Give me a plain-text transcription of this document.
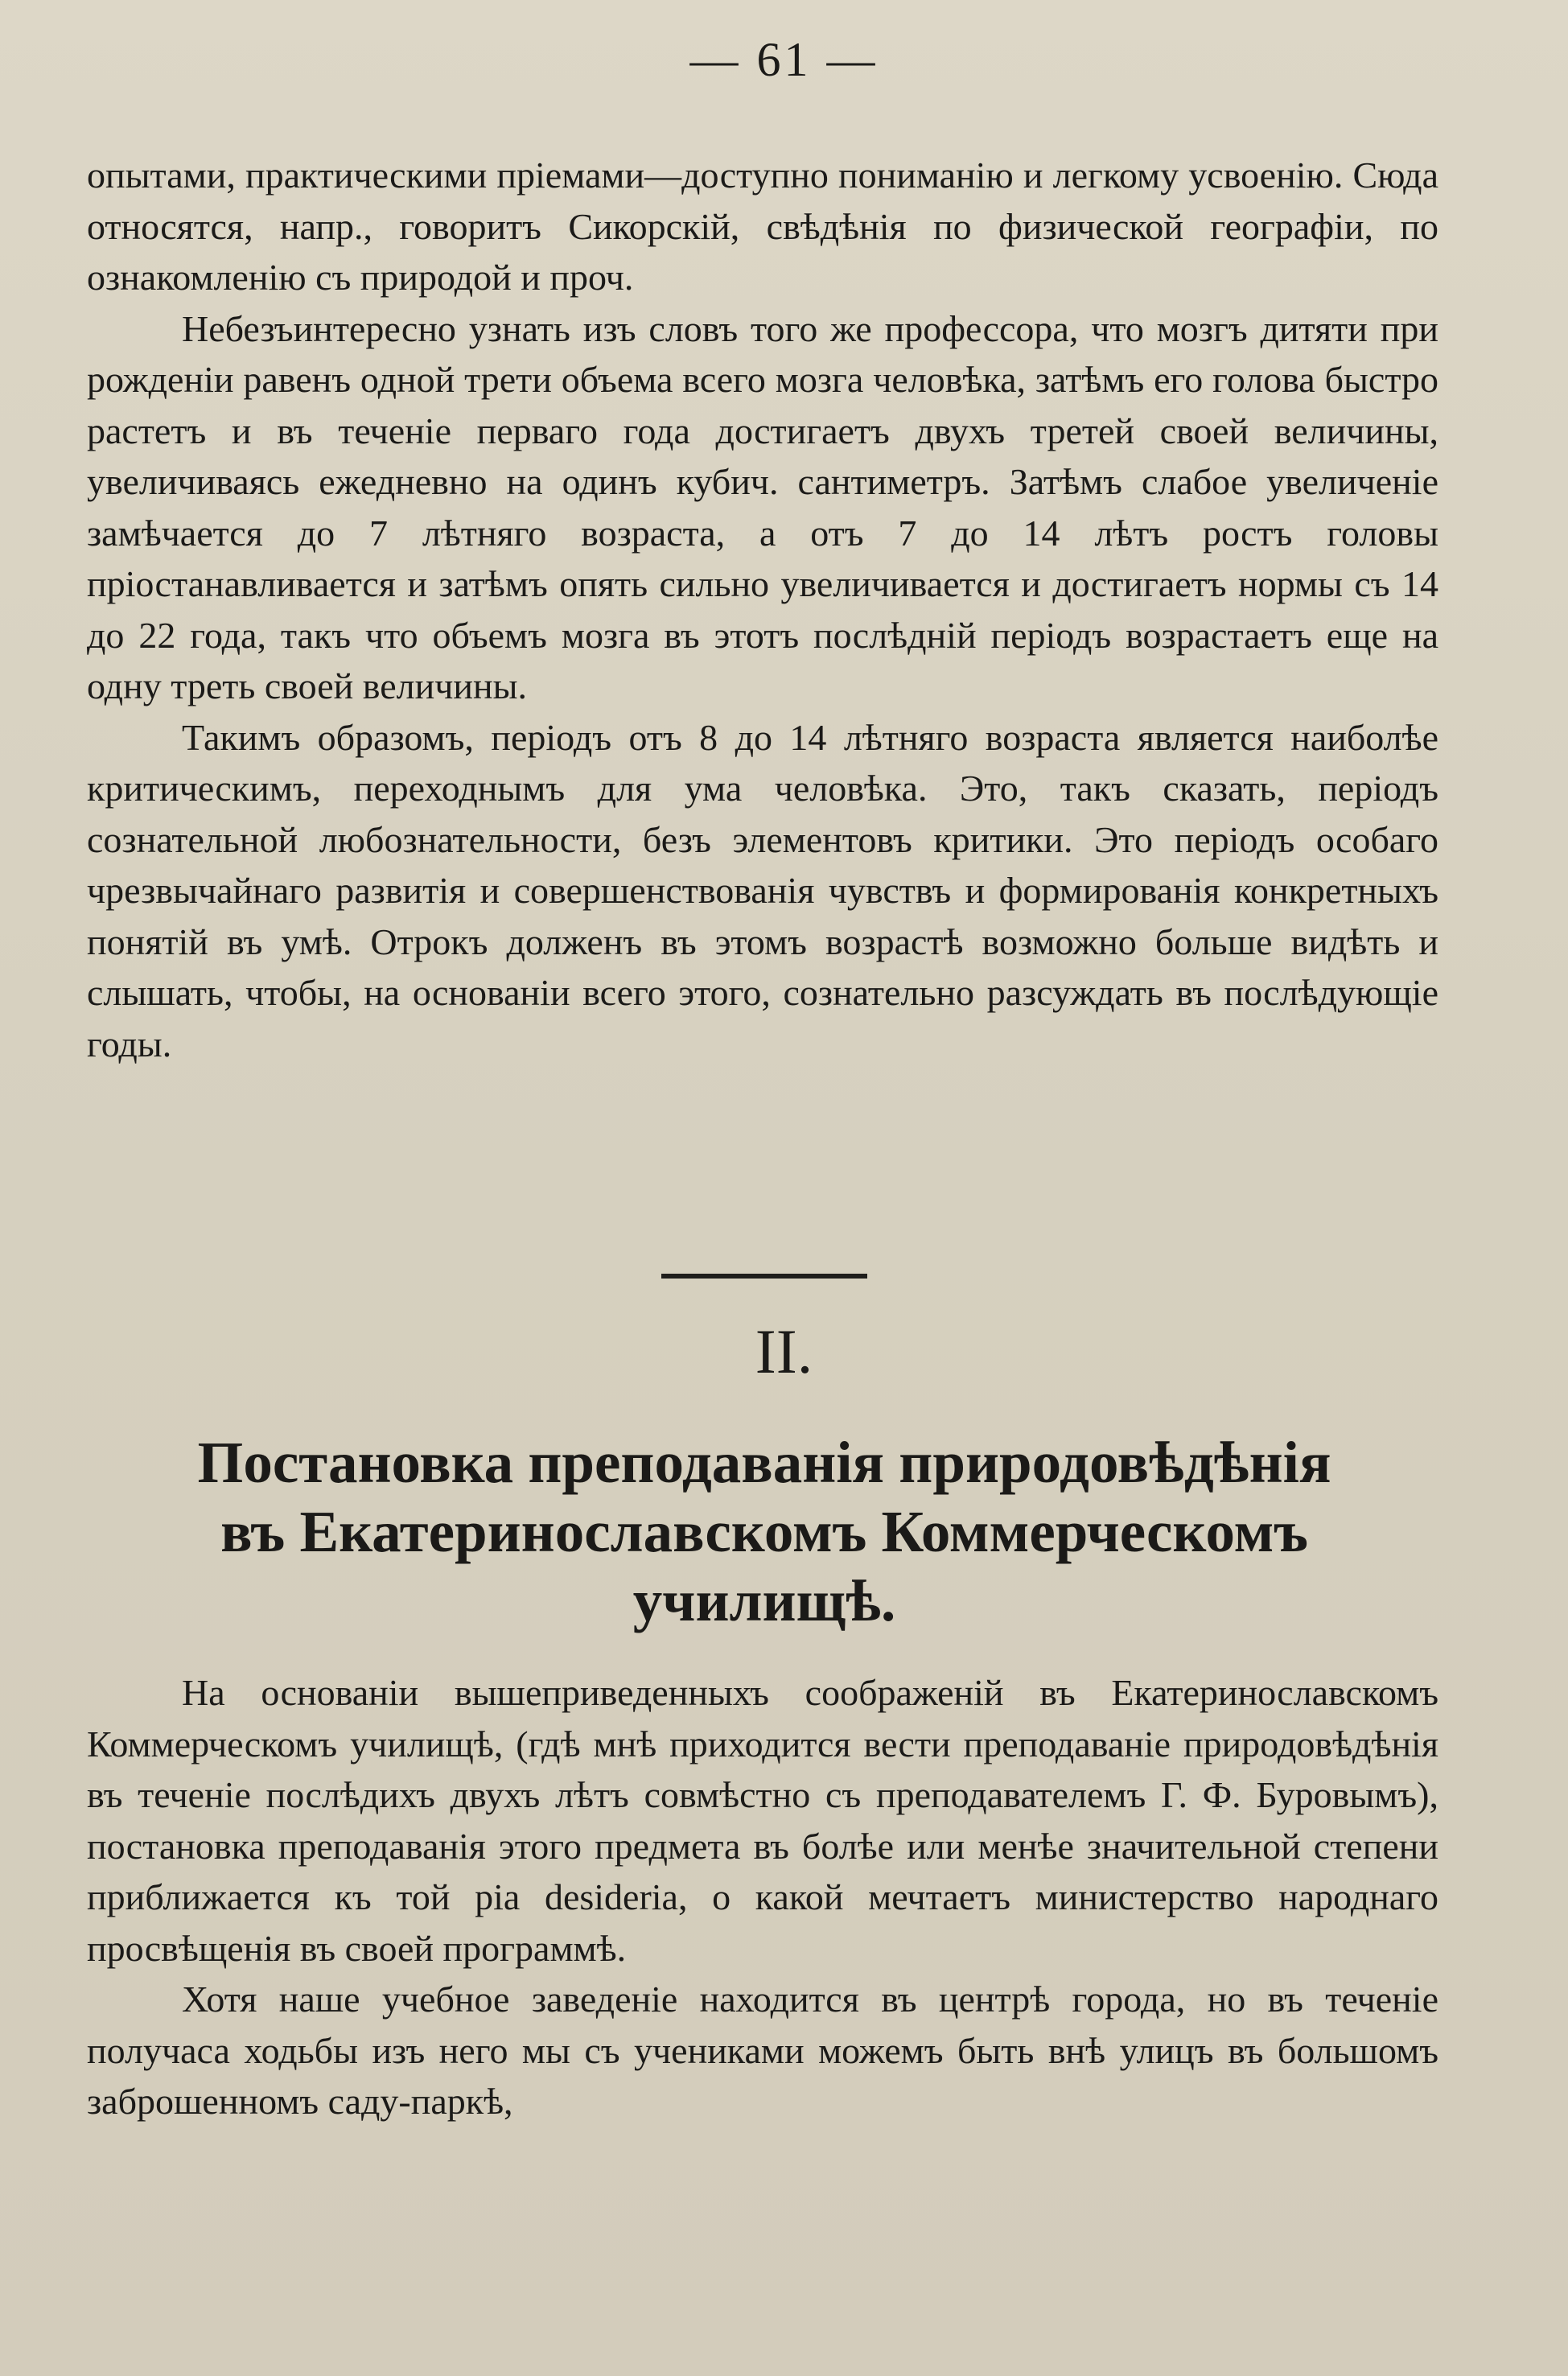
— 61 —

опытами, практическими пріемами—доступно пониманію и легкому усвоенію. Сюда относятся, напр., говоритъ Сикорскій, свѣдѣнія по физической географіи, по ознакомленію съ природой и проч.

Небезъинтересно узнать изъ словъ того же профессора, что мозгъ дитяти при рожденіи равенъ одной трети объема всего мозга человѣка, затѣмъ его голова быстро растетъ и въ теченіе перваго года достигаетъ двухъ третей своей величины, увеличиваясь ежедневно на одинъ кубич. сантиметръ. Затѣмъ слабое увеличеніе замѣчается до 7 лѣтняго возраста, а отъ 7 до 14 лѣтъ ростъ головы пріостанавливается и затѣмъ опять сильно увеличивается и достигаетъ нормы съ 14 до 22 года, такъ что объемъ мозга въ этотъ послѣдній періодъ возрастаетъ еще на одну треть своей величины.

Такимъ образомъ, періодъ отъ 8 до 14 лѣтняго возраста является наиболѣе критическимъ, переходнымъ для ума человѣка. Это, такъ сказать, періодъ сознательной любознательности, безъ элементовъ критики. Это періодъ особаго чрезвычайнаго развитія и совершенствованія чувствъ и формированія конкретныхъ понятій въ умѣ. Отрокъ долженъ въ этомъ возрастѣ возможно больше видѣть и слышать, чтобы, на основаніи всего этого, сознательно разсуждать въ послѣдующіе годы.

II.
Постановка преподаванія природовѣдѣнія
въ Екатеринославскомъ Коммерческомъ
училищѣ.

На основаніи вышеприведенныхъ соображеній въ Екатеринославскомъ Коммерческомъ училищѣ, (гдѣ мнѣ приходится вести преподаваніе природовѣдѣнія въ теченіе послѣдихъ двухъ лѣтъ совмѣстно съ преподавателемъ Г. Ф. Буровымъ), постановка преподаванія этого предмета въ болѣе или менѣе значительной степени приближается къ той pia desideria, о какой мечтаетъ министерство народнаго просвѣщенія въ своей программѣ.

Хотя наше учебное заведеніе находится въ центрѣ города, но въ теченіе получаса ходьбы изъ него мы съ учениками можемъ быть внѣ улицъ въ большомъ заброшенномъ саду-паркѣ,
